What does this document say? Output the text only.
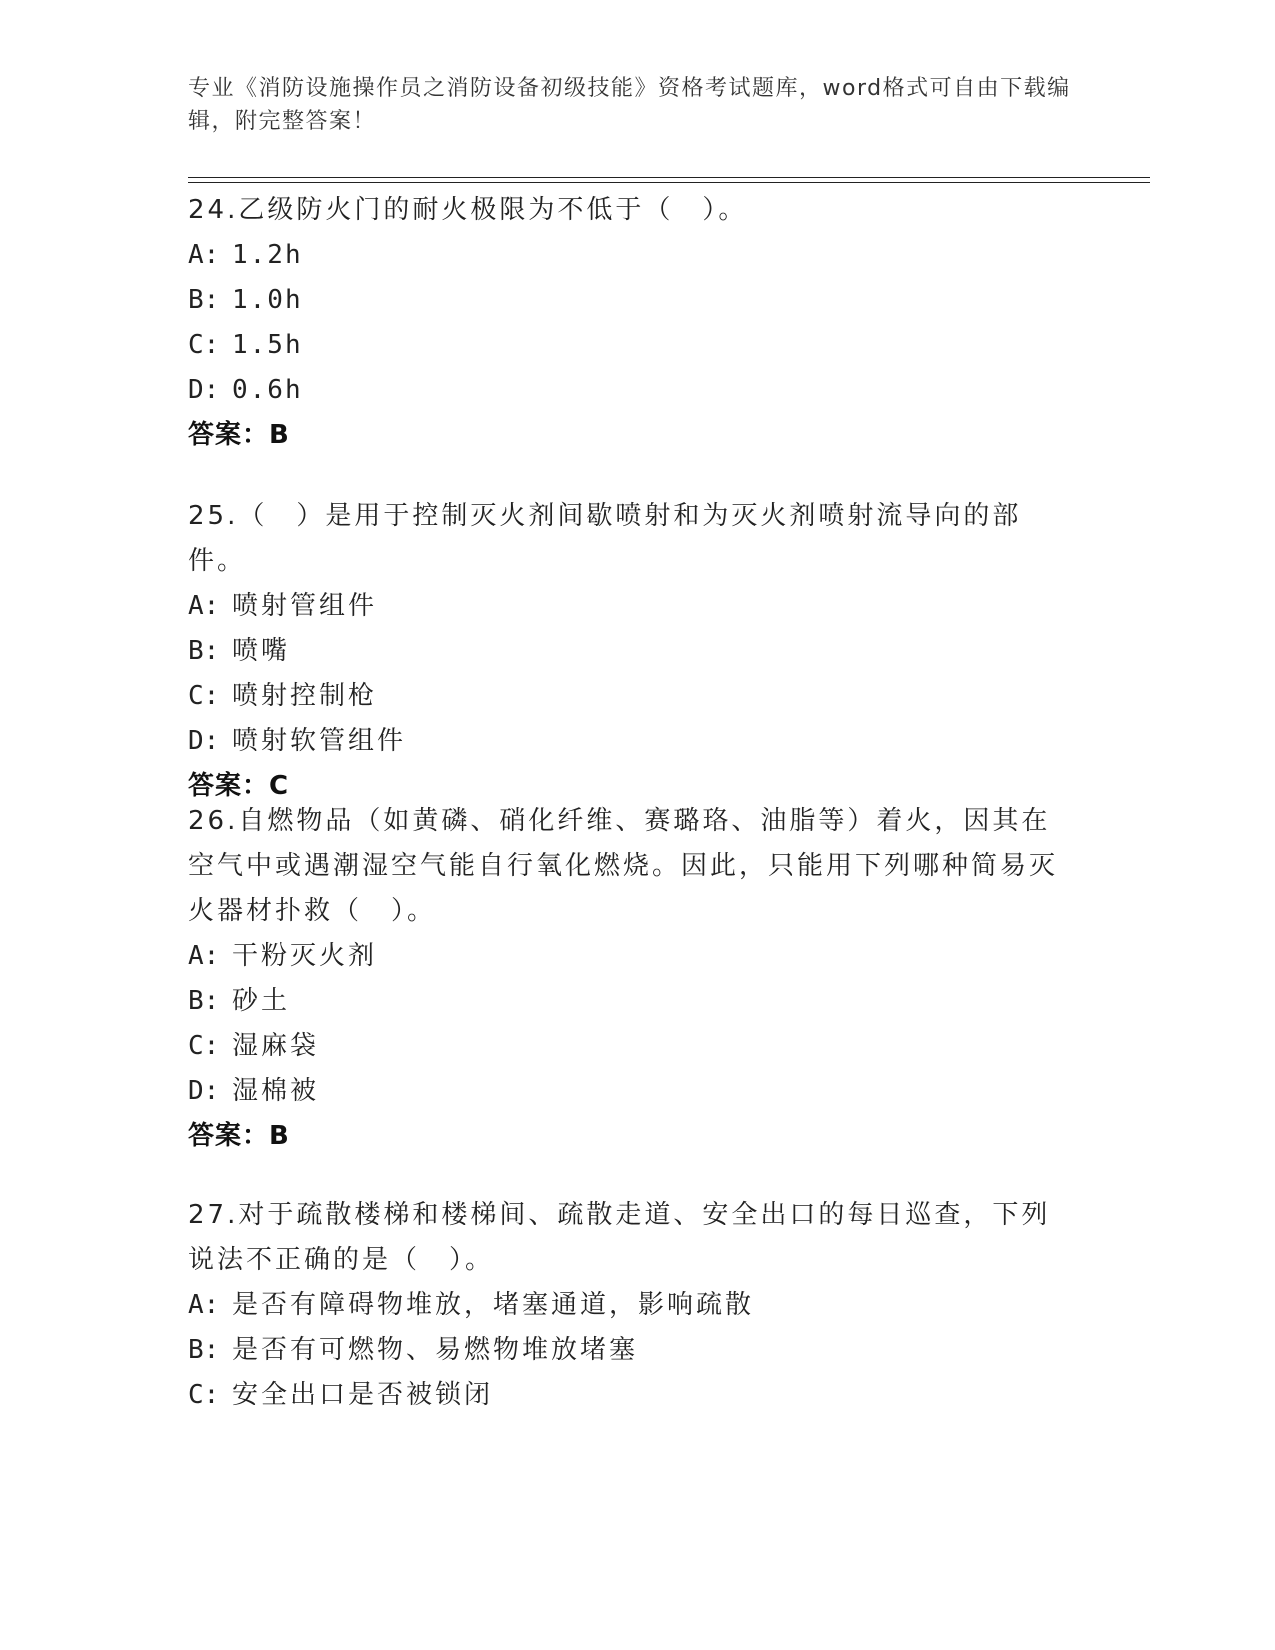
专业《消防设施操作员之消防设备初级技能》资格考试题库，word格式可自由下载编辑，附完整答案！
24.乙级防火门的耐火极限为不低于（　）。
A: 1.2h
B: 1.0h
C: 1.5h
D: 0.6h
答案：B
25.（　）是用于控制灭火剂间歇喷射和为灭火剂喷射流导向的部件。
A: 喷射管组件
B: 喷嘴
C: 喷射控制枪
D: 喷射软管组件
答案：C
26.自燃物品（如黄磷、硝化纤维、赛璐珞、油脂等）着火，因其在空气中或遇潮湿空气能自行氧化燃烧。因此，只能用下列哪种简易灭火器材扑救（　）。
A: 干粉灭火剂
B: 砂土
C: 湿麻袋
D: 湿棉被
答案：B
27.对于疏散楼梯和楼梯间、疏散走道、安全出口的每日巡查，下列说法不正确的是（　）。
A: 是否有障碍物堆放，堵塞通道，影响疏散
B: 是否有可燃物、易燃物堆放堵塞
C: 安全出口是否被锁闭
